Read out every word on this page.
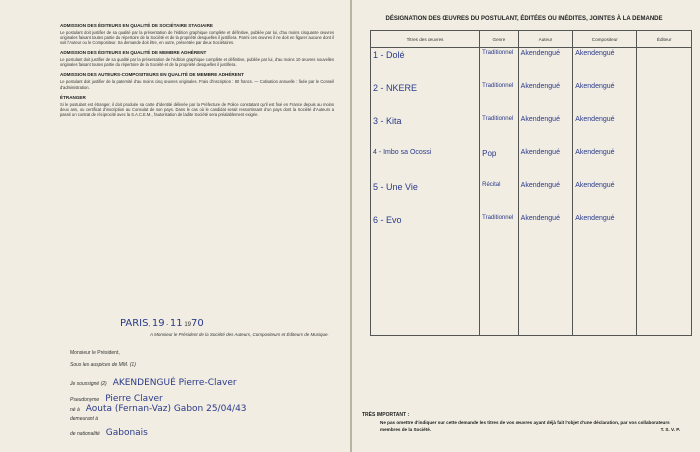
ADMISSION DES ÉDITEURS EN QUALITÉ DE SOCIÉTAIRE STAGIAIRE
Le postulant doit justifier de sa qualité par la présentation de l'édition graphique complète et définitive, publiée par lui, d'au moins cinquante œuvres originales faisant toutes partie du répertoire de la Société et de la propriété desquelles il justifiera. Parmi ces œuvres il ne doit en figurer aucune dont il soit l'Auteur ou le Compositeur. Sa demande doit être, en outre, présentée par deux Sociétaires.
ADMISSION DES ÉDITEURS EN QUALITÉ DE MEMBRE ADHÉRENT
Le postulant doit justifier de sa qualité par la présentation de l'édition graphique complète et définitive, publiée par lui, d'au moins 10 œuvres nouvelles originales faisant toutes partie du répertoire de la Société et de la propriété desquelles il justifiera.
ADMISSION DES AUTEURS-COMPOSITEURS EN QUALITÉ DE MEMBRE ADHÉRENT
Le postulant doit justifier de la paternité d'au moins cinq œuvres originales. Frais d'inscription : 80 francs. — Cotisation annuelle : fixée par le Conseil d'administration.
ÉTRANGER
Si le postulant est étranger, il doit produire sa carte d'identité délivrée par la Préfecture de Police constatant qu'il est fixé en France depuis au moins deux ans, ou certificat d'inscription au Consulat de son pays. Dans le cas où le candidat serait ressortissant d'un pays dont la Société d'Auteurs a passé un contrat de réciprocité avec la S.A.C.E.M., l'autorisation de ladite Société sera préalablement exigée.
PARIS, 19 - 11 1970
A Monsieur le Président de la Société des Auteurs, Compositeurs et Éditeurs de Musique.
Monsieur le Président,
Sous les auspices de MM. (1)
Je soussigné (2) AKENDENGUÉ Pierre-Claver
Pseudonyme Pierre Claver
né à Aouta (Fernan-Vaz) Gabon 25/04/43
demeurant à
de nationalité Gabonais
DÉSIGNATION DES ŒUVRES DU POSTULANT, ÉDITÉES OU INÉDITES, JOINTES À LA DEMANDE
Titres des œuvres	Genre	Auteur	Compositeur	Éditeur
1 - Dolé	Traditionnel	Akendengué	Akendengué	
2 - NKERE	Traditionnel	Akendengué	Akendengué	
3 - Kita	Traditionnel	Akendengué	Akendengué	
4 - Imbo sa Ocossi	Pop	Akendengué	Akendengué	
5 - Une Vie	Récital	Akendengué	Akendengué	
6 - Evo	Traditionnel	Akendengué	Akendengué	
TRÈS IMPORTANT :
Ne pas omettre d'indiquer sur cette demande les titres de vos œuvres ayant déjà fait l'objet d'une déclaration, par vos collaborateurs membres de la Société.	T. S. V. P.
